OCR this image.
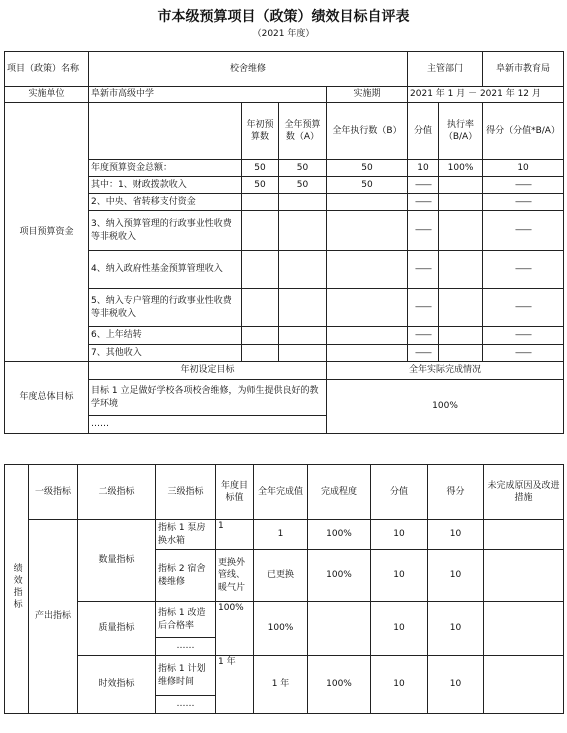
市本级预算项目（政策）绩效目标自评表
（2021 年度）
项目（政策）名称	校舍维修				主管部门		阜新市教育局
实施单位	阜新市高级中学			实施期	2021 年 1 月 － 2021 年 12 月		
项目预算资金		年初预算数	全年预算数（A）	全年执行数（B）	分值	执行率（B/A）	得分（分值*B/A）
	年度预算资金总额：	50	50	50	10	100%	10
	其中：1、财政拨款收入	50	50	50	——		——
	2、中央、省转移支付资金				——		——
	3、纳入预算管理的行政事业性收费等非税收入				——		——
	4、纳入政府性基金预算管理收入				——		——
	5、纳入专户管理的行政事业性收费等非税收入				——		——
	6、上年结转				——		——
	7、其他收入				——		——
年度总体目标	年初设定目标			全年实际完成情况			
	目标 1 立足做好学校各项校舍维修，为师生提供良好的教学环境			100%			
	……						
绩效指标	一级指标	二级指标	三级指标	年度目标值	全年完成值	完成程度	分值	得分	未完成原因及改进措施
	产出指标	数量指标	指标 1 泵房换水箱	1	1	100%	10	10	
			指标 2 宿舍楼维修	更换外管线、暖气片	已更换	100%	10	10	
		质量指标	指标 1 改造后合格率	100%	100%		10	10	
			……						
		时效指标	指标 1 计划维修时间	1 年	1 年	100%	10	10	
			……						
